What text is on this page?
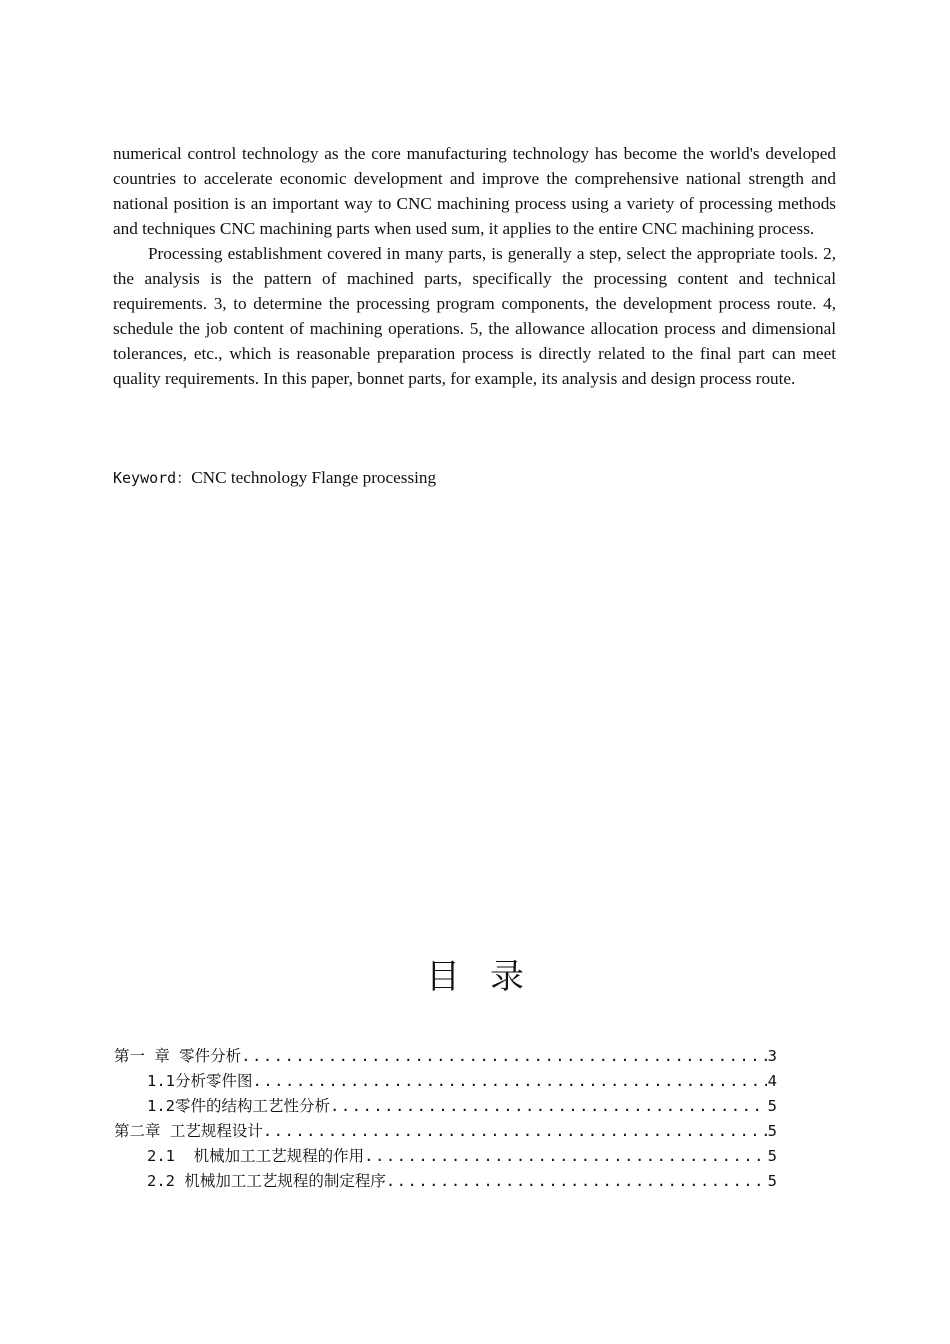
numerical control technology as the core manufacturing technology has become the world's developed countries to accelerate economic development and improve the comprehensive national strength and national position is an important way to CNC machining process using a variety of processing methods and techniques CNC machining parts when used sum, it applies to the entire CNC machining process.

Processing establishment covered in many parts, is generally a step, select the appropriate tools. 2, the analysis is the pattern of machined parts, specifically the processing content and technical requirements. 3, to determine the processing program components, the development process route. 4, schedule the job content of machining operations. 5, the allowance allocation process and dimensional tolerances, etc., which is reasonable preparation process is directly related to the final part can meet quality requirements. In this paper, bonnet parts, for example, its analysis and design process route.

Keyword：CNC technology Flange processing
目录
第一 章 零件分析 .....	3
1.1分析零件图 .....	4
1.2零件的结构工艺性分析 .....	5
第二章 工艺规程设计 .....	5
2.1  机械加工工艺规程的作用 .....	5
2.2 机械加工工艺规程的制定程序 .....	5
